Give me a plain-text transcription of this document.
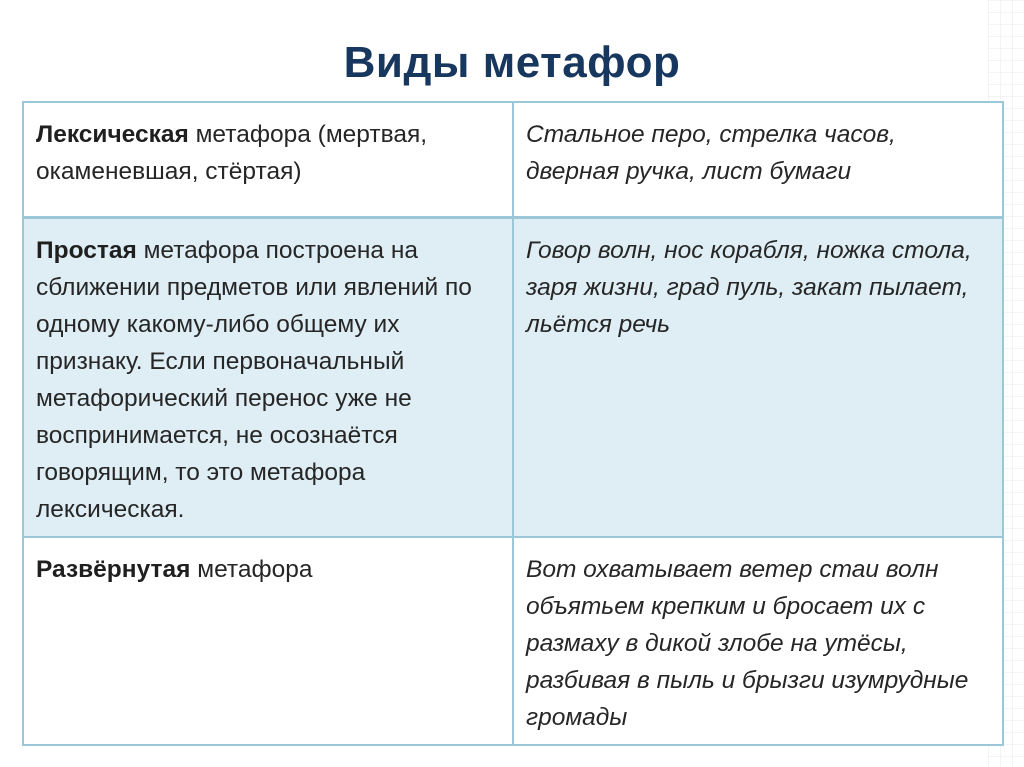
Виды метафор
Лексическая метафора (мертвая, окаменевшая, стёртая)	Стальное перо, стрелка часов, дверная ручка, лист бумаги
Простая метафора построена на сближении предметов или явлений по одному какому-либо общему их признаку. Если первоначальный метафорический перенос уже не воспринимается, не осознаётся говорящим, то это метафора лексическая.	Говор волн, нос корабля, ножка стола, заря жизни, град пуль, закат пылает, льётся речь
Развёрнутая метафора	Вот охватывает ветер стаи волн объятьем крепким и бросает их с размаху в дикой злобе на утёсы, разбивая в пыль и брызги изумрудные громады
